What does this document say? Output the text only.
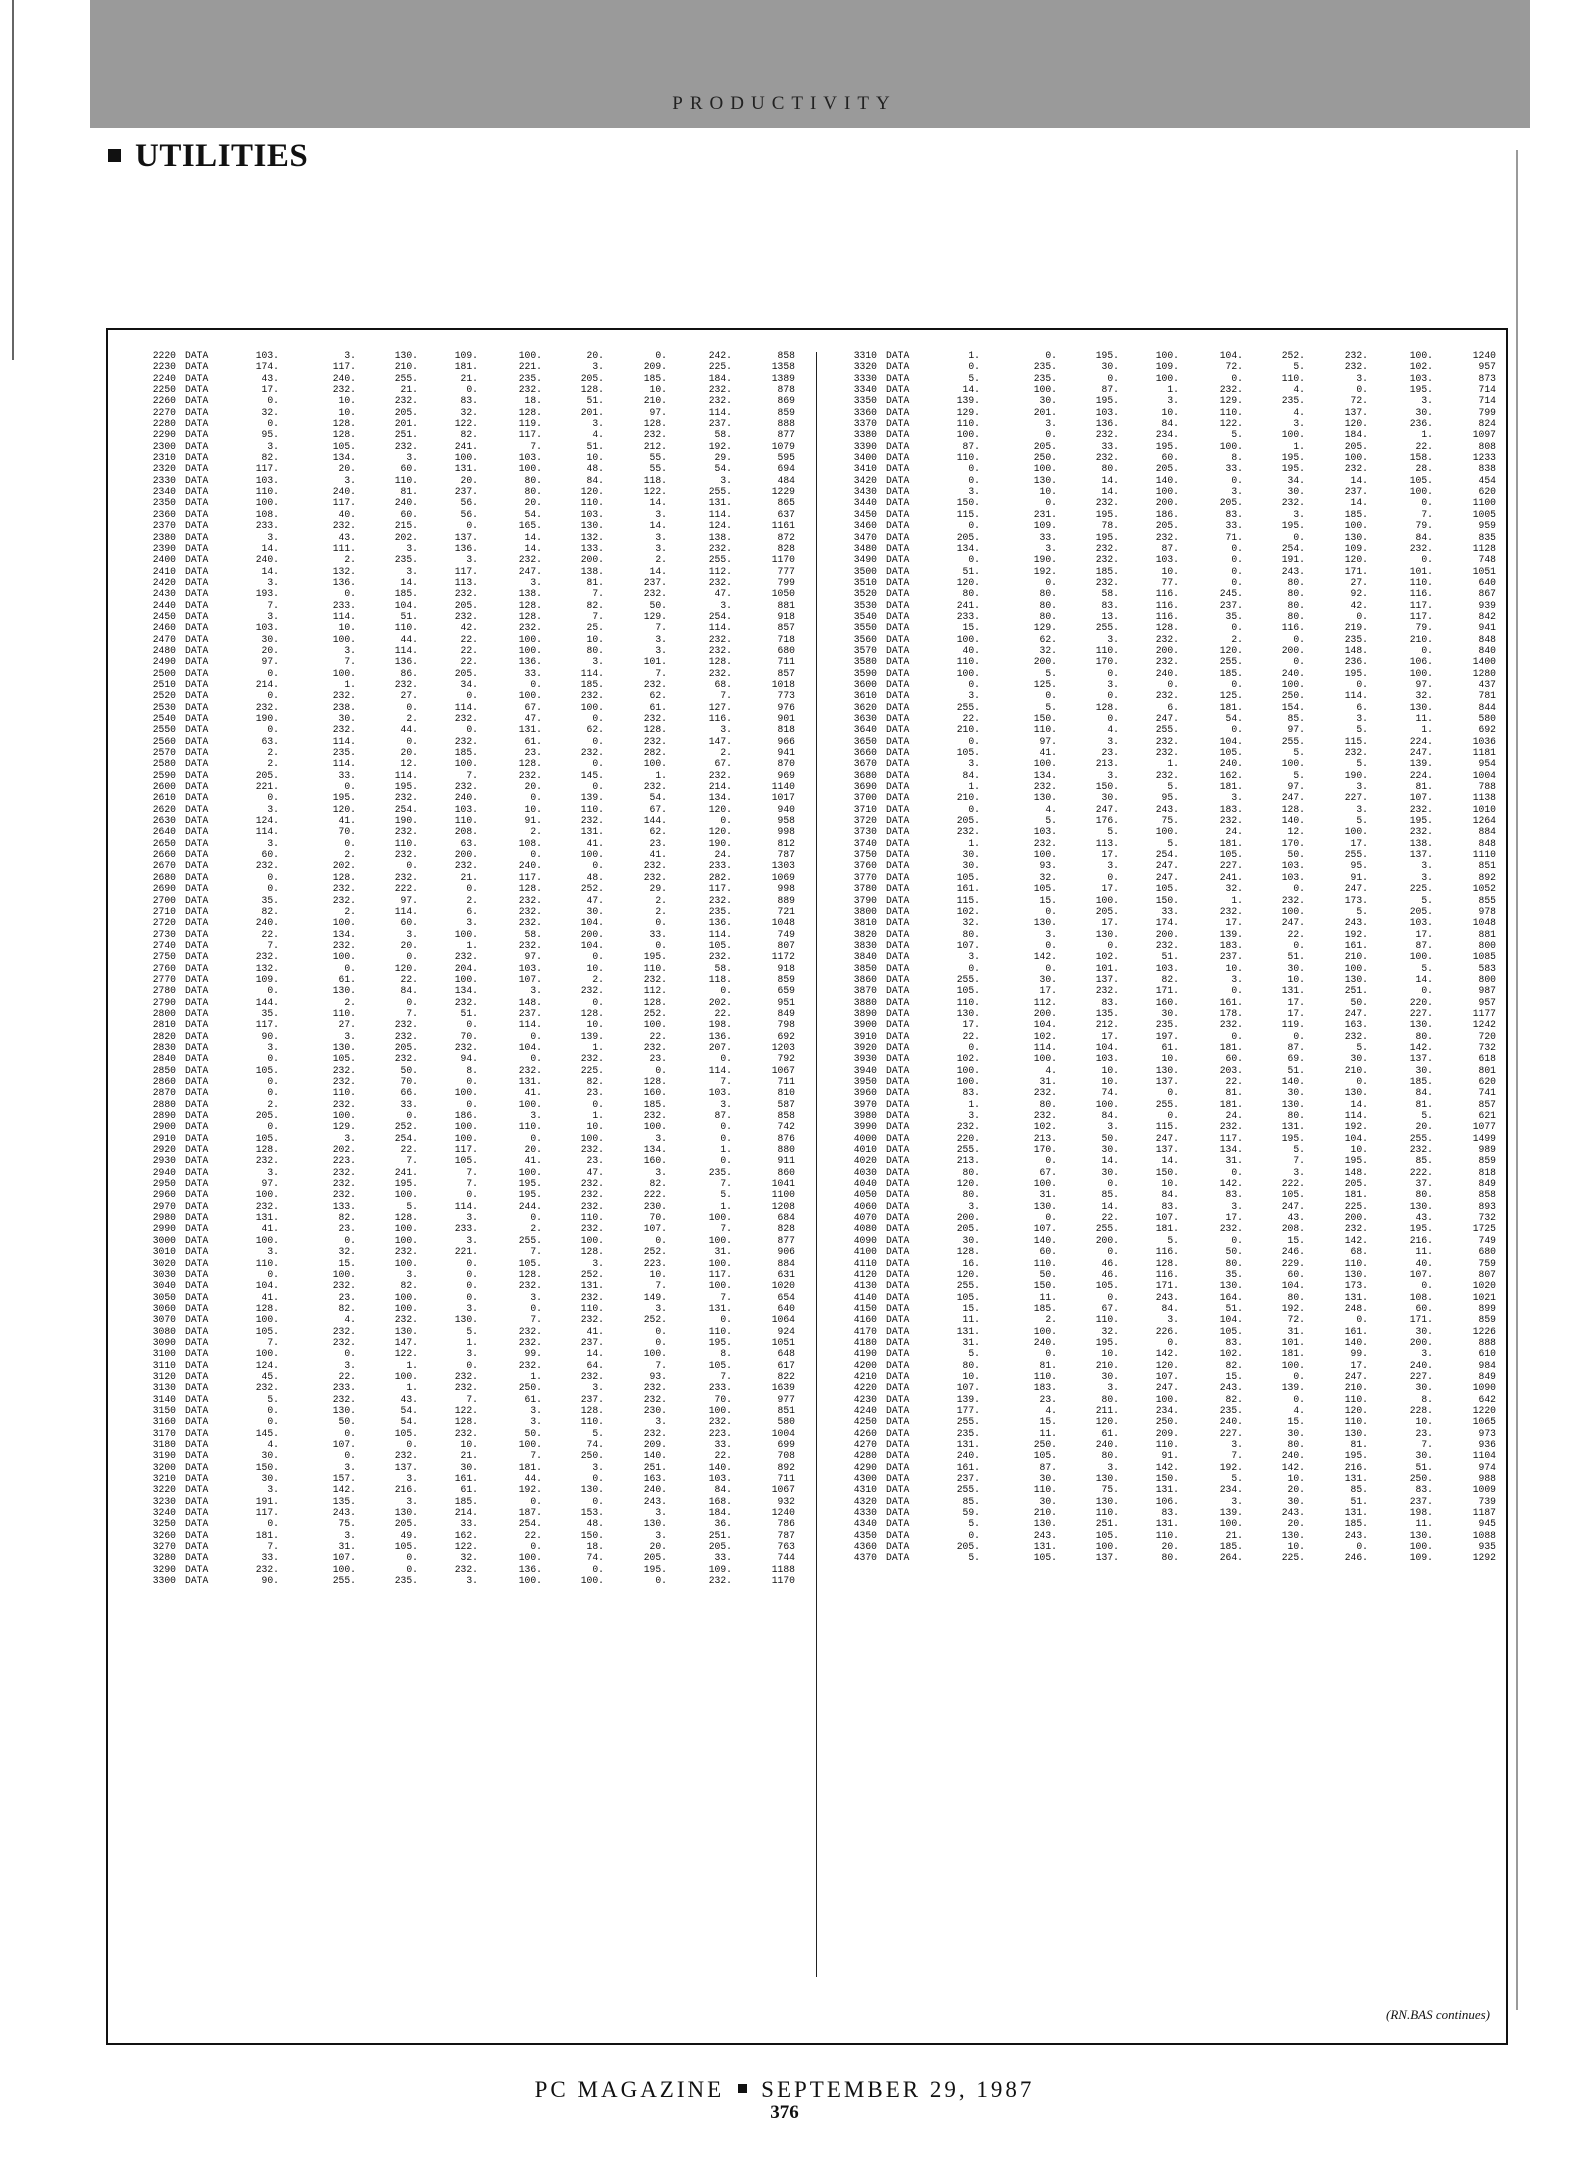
PRODUCTIVITY
UTILITIES
2220 DATA	103.	3.	130.	109.	100.	20.	0.	242.	858
2230 DATA	174.	117.	210.	181.	221.	3.	209.	225.	1358
2240 DATA	43.	240.	255.	21.	235.	205.	185.	184.	1389
2250 DATA	17.	232.	21.	0.	232.	128.	10.	232.	878
2260 DATA	0.	10.	232.	83.	18.	51.	210.	232.	869
2270 DATA	32.	10.	205.	32.	128.	201.	97.	114.	859
2280 DATA	0.	128.	201.	122.	119.	3.	128.	237.	888
2290 DATA	95.	128.	251.	82.	117.	4.	232.	58.	877
2300 DATA	3.	105.	232.	241.	7.	51.	212.	192.	1079
2310 DATA	82.	134.	3.	100.	103.	10.	55.	29.	595
2320 DATA	117.	20.	60.	131.	100.	48.	55.	54.	694
2330 DATA	103.	3.	110.	20.	80.	84.	118.	3.	484
2340 DATA	110.	240.	81.	237.	80.	120.	122.	255.	1229
2350 DATA	100.	117.	240.	56.	20.	110.	14.	131.	865
2360 DATA	108.	40.	60.	56.	54.	103.	3.	114.	637
2370 DATA	233.	232.	215.	0.	165.	130.	14.	124.	1161
2380 DATA	3.	43.	202.	137.	14.	132.	3.	138.	872
2390 DATA	14.	111.	3.	136.	14.	133.	3.	232.	828
2400 DATA	240.	2.	235.	3.	232.	200.	2.	255.	1170
2410 DATA	14.	132.	3.	117.	247.	138.	14.	112.	777
2420 DATA	3.	136.	14.	113.	3.	81.	237.	232.	799
2430 DATA	193.	0.	185.	232.	138.	7.	232.	47.	1050
2440 DATA	7.	233.	104.	205.	128.	82.	50.	3.	881
2450 DATA	3.	114.	51.	232.	128.	7.	129.	254.	918
2460 DATA	103.	10.	110.	42.	232.	25.	7.	114.	857
2470 DATA	30.	100.	44.	22.	100.	10.	3.	232.	718
2480 DATA	20.	3.	114.	22.	100.	80.	3.	232.	680
2490 DATA	97.	7.	136.	22.	136.	3.	101.	128.	711
2500 DATA	0.	100.	86.	205.	33.	114.	7.	232.	857
2510 DATA	214.	1.	232.	34.	0.	185.	232.	68.	1018
2520 DATA	0.	232.	27.	0.	100.	232.	62.	7.	773
2530 DATA	232.	238.	0.	114.	67.	100.	61.	127.	976
2540 DATA	190.	30.	2.	232.	47.	0.	232.	116.	901
2550 DATA	0.	232.	44.	0.	131.	62.	128.	3.	818
2560 DATA	63.	114.	0.	232.	61.	0.	232.	147.	966
2570 DATA	2.	235.	20.	185.	23.	232.	282.	2.	941
2580 DATA	2.	114.	12.	100.	128.	0.	100.	67.	870
2590 DATA	205.	33.	114.	7.	232.	145.	1.	232.	969
2600 DATA	221.	0.	195.	232.	20.	0.	232.	214.	1140
2610 DATA	0.	195.	232.	240.	0.	139.	54.	134.	1017
2620 DATA	3.	120.	254.	103.	10.	110.	67.	120.	940
2630 DATA	124.	41.	190.	110.	91.	232.	144.	0.	958
2640 DATA	114.	70.	232.	208.	2.	131.	62.	120.	998
2650 DATA	3.	0.	110.	63.	108.	41.	23.	190.	812
2660 DATA	60.	2.	232.	200.	0.	100.	41.	24.	787
2670 DATA	232.	202.	0.	232.	240.	0.	232.	233.	1303
2680 DATA	0.	128.	232.	21.	117.	48.	232.	282.	1069
2690 DATA	0.	232.	222.	0.	128.	252.	29.	117.	998
2700 DATA	35.	232.	97.	2.	232.	47.	2.	232.	889
2710 DATA	82.	2.	114.	6.	232.	30.	2.	235.	721
2720 DATA	240.	100.	60.	3.	232.	104.	0.	136.	1048
2730 DATA	22.	134.	3.	100.	58.	200.	33.	114.	749
2740 DATA	7.	232.	20.	1.	232.	104.	0.	105.	807
2750 DATA	232.	100.	0.	232.	97.	0.	195.	232.	1172
2760 DATA	132.	0.	120.	204.	103.	10.	110.	58.	918
2770 DATA	109.	61.	22.	100.	107.	2.	232.	118.	859
2780 DATA	0.	130.	84.	134.	3.	232.	112.	0.	659
2790 DATA	144.	2.	0.	232.	148.	0.	128.	202.	951
2800 DATA	35.	110.	7.	51.	237.	128.	252.	22.	849
2810 DATA	117.	27.	232.	0.	114.	10.	100.	198.	798
2820 DATA	90.	3.	232.	70.	0.	139.	22.	136.	692
2830 DATA	3.	130.	205.	232.	104.	1.	232.	207.	1203
2840 DATA	0.	105.	232.	94.	0.	232.	23.	0.	792
2850 DATA	105.	232.	50.	8.	232.	225.	0.	114.	1067
2860 DATA	0.	232.	70.	0.	131.	82.	128.	7.	711
2870 DATA	0.	110.	66.	100.	41.	23.	160.	103.	810
2880 DATA	2.	232.	33.	0.	100.	0.	185.	3.	587
2890 DATA	205.	100.	0.	186.	3.	1.	232.	87.	858
2900 DATA	0.	129.	252.	100.	110.	10.	100.	0.	742
2910 DATA	105.	3.	254.	100.	0.	100.	3.	0.	876
2920 DATA	128.	202.	22.	117.	20.	232.	134.	1.	880
2930 DATA	232.	223.	7.	105.	41.	23.	160.	0.	911
2940 DATA	3.	232.	241.	7.	100.	47.	3.	235.	860
2950 DATA	97.	232.	195.	7.	195.	232.	82.	7.	1041
2960 DATA	100.	232.	100.	0.	195.	232.	222.	5.	1100
2970 DATA	232.	133.	5.	114.	244.	232.	230.	1.	1208
2980 DATA	131.	82.	128.	3.	0.	110.	70.	100.	684
2990 DATA	41.	23.	100.	233.	2.	232.	107.	7.	828
3000 DATA	100.	0.	100.	3.	255.	100.	0.	100.	877
3010 DATA	3.	32.	232.	221.	7.	128.	252.	31.	906
3020 DATA	110.	15.	100.	0.	105.	3.	223.	100.	884
3030 DATA	0.	100.	3.	0.	128.	252.	10.	117.	631
3040 DATA	104.	232.	82.	0.	232.	131.	7.	100.	1020
3050 DATA	41.	23.	100.	0.	3.	232.	149.	7.	654
3060 DATA	128.	82.	100.	3.	0.	110.	3.	131.	640
3070 DATA	100.	4.	232.	130.	7.	232.	252.	0.	1064
3080 DATA	105.	232.	130.	5.	232.	41.	0.	110.	924
3090 DATA	7.	232.	147.	1.	232.	237.	0.	195.	1051
3100 DATA	100.	0.	122.	3.	99.	14.	100.	8.	648
3110 DATA	124.	3.	1.	0.	232.	64.	7.	105.	617
3120 DATA	45.	22.	100.	232.	1.	232.	93.	7.	822
3130 DATA	232.	233.	1.	232.	250.	3.	232.	233.	1639
3140 DATA	5.	232.	43.	7.	61.	237.	232.	70.	977
3150 DATA	0.	130.	54.	122.	3.	128.	230.	100.	851
3160 DATA	0.	50.	54.	128.	3.	110.	3.	232.	580
3170 DATA	145.	0.	105.	232.	50.	5.	232.	223.	1004
3180 DATA	4.	107.	0.	10.	100.	74.	209.	33.	699
3190 DATA	30.	0.	232.	21.	7.	250.	140.	22.	708
3200 DATA	150.	3.	137.	30.	181.	3.	251.	140.	892
3210 DATA	30.	157.	3.	161.	44.	0.	163.	103.	711
3220 DATA	3.	142.	216.	61.	192.	130.	240.	84.	1067
3230 DATA	191.	135.	3.	185.	0.	0.	243.	168.	932
3240 DATA	117.	243.	130.	214.	187.	153.	3.	184.	1240
3250 DATA	0.	75.	205.	33.	254.	48.	130.	36.	786
3260 DATA	181.	3.	49.	162.	22.	150.	3.	251.	787
3270 DATA	7.	31.	105.	122.	0.	18.	20.	205.	763
3280 DATA	33.	107.	0.	32.	100.	74.	205.	33.	744
3290 DATA	232.	100.	0.	232.	136.	0.	195.	109.	1188
3300 DATA	90.	255.	235.	3.	100.	100.	0.	232.	1170
3310 DATA	1.	0.	195.	100.	104.	252.	232.	100.	1240
3320 DATA	0.	235.	30.	109.	72.	5.	232.	102.	957
3330 DATA	5.	235.	0.	100.	0.	110.	3.	103.	873
3340 DATA	14.	100.	87.	1.	232.	4.	0.	195.	714
3350 DATA	139.	30.	195.	3.	129.	235.	72.	3.	714
3360 DATA	129.	201.	103.	10.	110.	4.	137.	30.	799
3370 DATA	110.	3.	136.	84.	122.	3.	120.	236.	824
3380 DATA	100.	0.	232.	234.	5.	100.	184.	1.	1097
3390 DATA	87.	205.	33.	195.	100.	1.	205.	22.	808
3400 DATA	110.	250.	232.	60.	8.	195.	100.	158.	1233
3410 DATA	0.	100.	80.	205.	33.	195.	232.	28.	838
3420 DATA	0.	130.	14.	140.	0.	34.	14.	105.	454
3430 DATA	3.	10.	14.	100.	3.	30.	237.	100.	620
3440 DATA	150.	0.	232.	200.	205.	232.	14.	0.	1100
3450 DATA	115.	231.	195.	186.	83.	3.	185.	7.	1005
3460 DATA	0.	109.	78.	205.	33.	195.	100.	79.	959
3470 DATA	205.	33.	195.	232.	71.	0.	130.	84.	835
3480 DATA	134.	3.	232.	87.	0.	254.	109.	232.	1128
3490 DATA	0.	190.	232.	103.	0.	191.	120.	0.	748
3500 DATA	51.	192.	185.	10.	0.	243.	171.	101.	1051
3510 DATA	120.	0.	232.	77.	0.	80.	27.	110.	640
3520 DATA	80.	80.	58.	116.	245.	80.	92.	116.	867
3530 DATA	241.	80.	83.	116.	237.	80.	42.	117.	939
3540 DATA	233.	80.	13.	116.	35.	80.	0.	117.	842
3550 DATA	15.	129.	255.	128.	0.	116.	219.	79.	941
3560 DATA	100.	62.	3.	232.	2.	0.	235.	210.	848
3570 DATA	40.	32.	110.	200.	120.	200.	148.	0.	840
3580 DATA	110.	200.	170.	232.	255.	0.	236.	106.	1400
3590 DATA	100.	5.	0.	240.	185.	240.	195.	100.	1280
3600 DATA	0.	125.	3.	0.	0.	100.	0.	97.	437
3610 DATA	3.	0.	0.	232.	125.	250.	114.	32.	781
3620 DATA	255.	5.	128.	6.	181.	154.	6.	130.	844
3630 DATA	22.	150.	0.	247.	54.	85.	3.	11.	580
3640 DATA	210.	110.	4.	255.	0.	97.	5.	1.	692
3650 DATA	0.	97.	3.	232.	104.	255.	115.	224.	1036
3660 DATA	105.	41.	23.	232.	105.	5.	232.	247.	1181
3670 DATA	3.	100.	213.	1.	240.	100.	5.	139.	954
3680 DATA	84.	134.	3.	232.	162.	5.	190.	224.	1004
3690 DATA	1.	232.	150.	5.	181.	97.	3.	81.	788
3700 DATA	210.	130.	30.	95.	3.	247.	227.	107.	1138
3710 DATA	0.	4.	247.	243.	183.	128.	3.	232.	1010
3720 DATA	205.	5.	176.	75.	232.	140.	5.	195.	1264
3730 DATA	232.	103.	5.	100.	24.	12.	100.	232.	884
3740 DATA	1.	232.	113.	5.	181.	170.	17.	138.	848
3750 DATA	30.	100.	17.	254.	105.	50.	255.	137.	1110
3760 DATA	30.	93.	3.	247.	227.	103.	95.	3.	851
3770 DATA	105.	32.	0.	247.	241.	103.	91.	3.	892
3780 DATA	161.	105.	17.	105.	32.	0.	247.	225.	1052
3790 DATA	115.	15.	100.	150.	1.	232.	173.	5.	855
3800 DATA	102.	0.	205.	33.	232.	100.	5.	205.	978
3810 DATA	32.	130.	17.	174.	17.	247.	243.	103.	1048
3820 DATA	80.	3.	130.	200.	139.	22.	192.	17.	881
3830 DATA	107.	0.	0.	232.	183.	0.	161.	87.	800
3840 DATA	3.	142.	102.	51.	237.	51.	210.	100.	1085
3850 DATA	0.	0.	101.	103.	10.	30.	100.	5.	583
3860 DATA	255.	30.	137.	82.	3.	10.	130.	14.	800
3870 DATA	105.	17.	232.	171.	0.	131.	251.	0.	987
3880 DATA	110.	112.	83.	160.	161.	17.	50.	220.	957
3890 DATA	130.	200.	135.	30.	178.	17.	247.	227.	1177
3900 DATA	17.	104.	212.	235.	232.	119.	163.	130.	1242
3910 DATA	22.	102.	17.	197.	0.	0.	232.	80.	720
3920 DATA	0.	114.	104.	61.	181.	87.	5.	142.	732
3930 DATA	102.	100.	103.	10.	60.	69.	30.	137.	618
3940 DATA	100.	4.	10.	130.	203.	51.	210.	30.	801
3950 DATA	100.	31.	10.	137.	22.	140.	0.	185.	620
3960 DATA	83.	232.	74.	0.	81.	30.	130.	84.	741
3970 DATA	1.	80.	100.	255.	181.	130.	14.	81.	857
3980 DATA	3.	232.	84.	0.	24.	80.	114.	5.	621
3990 DATA	232.	102.	3.	115.	232.	131.	192.	20.	1077
4000 DATA	220.	213.	50.	247.	117.	195.	104.	255.	1499
4010 DATA	255.	170.	30.	137.	134.	5.	10.	232.	989
4020 DATA	213.	0.	14.	14.	31.	7.	195.	85.	859
4030 DATA	80.	67.	30.	150.	0.	3.	148.	222.	818
4040 DATA	120.	100.	0.	10.	142.	222.	205.	37.	849
4050 DATA	80.	31.	85.	84.	83.	105.	181.	80.	858
4060 DATA	3.	130.	14.	83.	3.	247.	225.	130.	893
4070 DATA	200.	0.	22.	107.	17.	43.	200.	43.	732
4080 DATA	205.	107.	255.	181.	232.	208.	232.	195.	1725
4090 DATA	30.	140.	200.	5.	0.	15.	142.	216.	749
4100 DATA	128.	60.	0.	116.	50.	246.	68.	11.	680
4110 DATA	16.	110.	46.	128.	80.	229.	110.	40.	759
4120 DATA	120.	50.	46.	116.	35.	60.	130.	107.	807
4130 DATA	255.	150.	105.	171.	130.	104.	173.	0.	1020
4140 DATA	105.	11.	0.	243.	164.	80.	131.	108.	1021
4150 DATA	15.	185.	67.	84.	51.	192.	248.	60.	899
4160 DATA	11.	2.	110.	3.	104.	72.	0.	171.	859
4170 DATA	131.	100.	32.	226.	105.	31.	161.	30.	1226
4180 DATA	31.	240.	195.	0.	83.	101.	140.	200.	888
4190 DATA	5.	0.	10.	142.	102.	181.	99.	3.	610
4200 DATA	80.	81.	210.	120.	82.	100.	17.	240.	984
4210 DATA	10.	110.	30.	107.	15.	0.	247.	227.	849
4220 DATA	107.	183.	3.	247.	243.	139.	210.	30.	1090
4230 DATA	139.	23.	80.	100.	82.	0.	110.	8.	642
4240 DATA	177.	4.	211.	234.	235.	4.	120.	228.	1220
4250 DATA	255.	15.	120.	250.	240.	15.	110.	10.	1065
4260 DATA	235.	11.	61.	209.	227.	30.	130.	23.	973
4270 DATA	131.	250.	240.	110.	3.	80.	81.	7.	936
4280 DATA	240.	105.	80.	91.	7.	240.	195.	30.	1104
4290 DATA	161.	87.	3.	142.	192.	142.	216.	51.	974
4300 DATA	237.	30.	130.	150.	5.	10.	131.	250.	988
4310 DATA	255.	110.	75.	131.	234.	20.	85.	83.	1009
4320 DATA	85.	30.	130.	106.	3.	30.	51.	237.	739
4330 DATA	59.	210.	110.	83.	139.	243.	131.	198.	1187
4340 DATA	5.	130.	251.	131.	100.	20.	185.	11.	945
4350 DATA	0.	243.	105.	110.	21.	130.	243.	130.	1088
4360 DATA	205.	131.	100.	20.	185.	10.	0.	100.	935
4370 DATA	5.	105.	137.	80.	264.	225.	246.	109.	1292
(RN.BAS continues)
PC MAGAZINE SEPTEMBER 29, 1987
376
